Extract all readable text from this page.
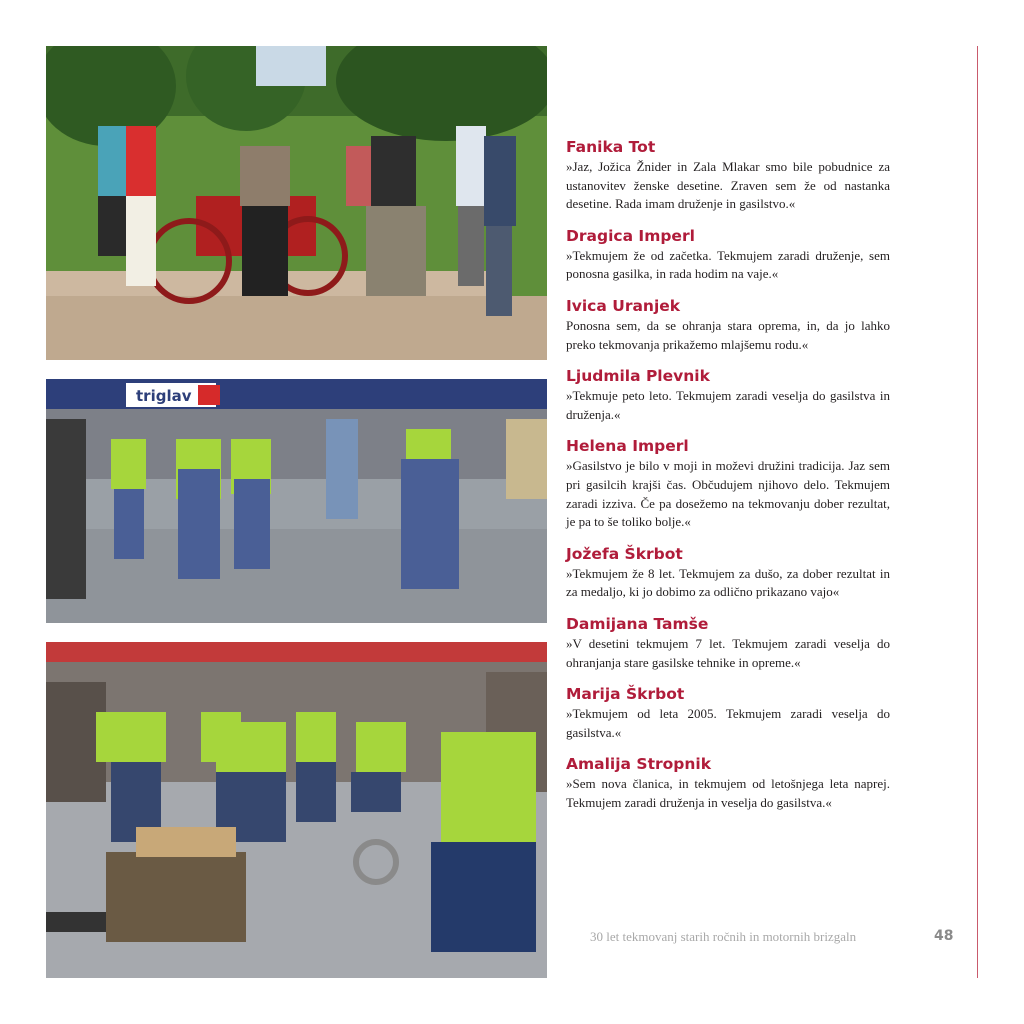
triglav
Fanika Tot

»Jaz, Jožica Žnider in Zala Mlakar smo bile pobudnice za ustanovitev ženske desetine. Zraven sem že od nastanka desetine. Rada imam druženje in gasilstvo.«

Dragica Imperl

»Tekmujem že od začetka. Tekmujem zaradi druženje, sem ponosna gasilka, in rada hodim na vaje.«

Ivica Uranjek

Ponosna sem, da se ohranja stara oprema, in, da jo lahko preko tekmovanja prikažemo mlajšemu rodu.«

Ljudmila Plevnik

»Tekmuje peto leto. Tekmujem zaradi veselja do gasilstva in druženja.«

Helena Imperl

»Gasilstvo je bilo v moji in moževi družini tradicija. Jaz sem pri gasilcih krajši čas. Občudujem njihovo delo. Tekmujem zaradi izziva. Če pa dosežemo na tekmovanju dober rezultat, je pa to še toliko bolje.«

Jožefa Škrbot

»Tekmujem že 8 let. Tekmujem za dušo, za dober rezultat in za medaljo, ki jo dobimo za odlično prikazano vajo«

Damijana Tamše

»V desetini tekmujem 7 let. Tekmujem zaradi veselja do ohranjanja stare gasilske tehnike in opreme.«

Marija Škrbot

»Tekmujem od leta 2005. Tekmujem zaradi veselja do gasilstva.«

Amalija Stropnik

»Sem nova članica, in tekmujem od letošnjega leta naprej. Tekmujem zaradi druženja in veselja do gasilstva.«

30 let tekmovanj starih ročnih in motornih brizgaln	48
